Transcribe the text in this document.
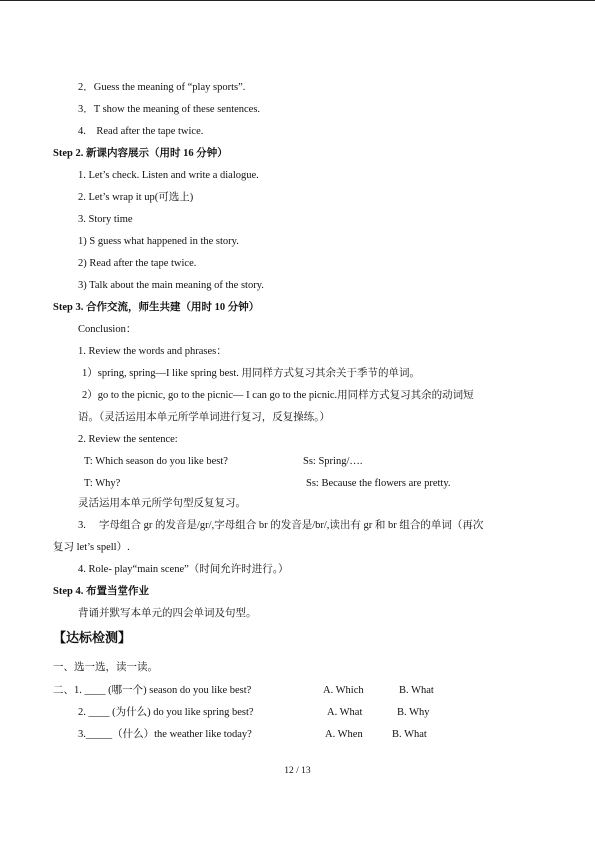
2．Guess the meaning of “play sports”.
3．T show the meaning of these sentences.
4.　Read after the tape twice.
Step 2. 新课内容展示（用时 16 分钟）
1. Let’s check. Listen and write a dialogue.
2. Let’s wrap it up(可选上)
3. Story time
1) S guess what happened in the story.
2) Read after the tape twice.
3) Talk about the main meaning of the story.
Step 3. 合作交流，师生共建（用时 10 分钟）
Conclusion：
1. Review the words and phrases：
1）spring, spring—I like spring best. 用同样方式复习其余关于季节的单词。
2）go to the picnic, go to the picnic— I can go to the picnic.用同样方式复习其余的动词短
语。（灵活运用本单元所学单词进行复习，反复操练。）
2. Review the sentence:
T: Which season do you like best?	Ss: Spring/….
T: Why?	Ss: Because the flowers are pretty.
灵活运用本单元所学句型反复复习。
3.　 字母组合 gr 的发音是/gr/,字母组合 br 的发音是/br/,读出有 gr 和 br 组合的单词（再次
复习 let’s spell）.
4. Role- play“main scene”（时间允许时进行。）
Step 4. 布置当堂作业
背诵并默写本单元的四会单词及句型。
【达标检测】
一、选一选，读一读。
二、1. ____ (哪一个) season do you like best?	A. Which	B. What
2. ____ (为什么) do you like spring best?	A. What	B. Why
3._____（什么）the weather like today?	A. When	B. What
12 / 13
